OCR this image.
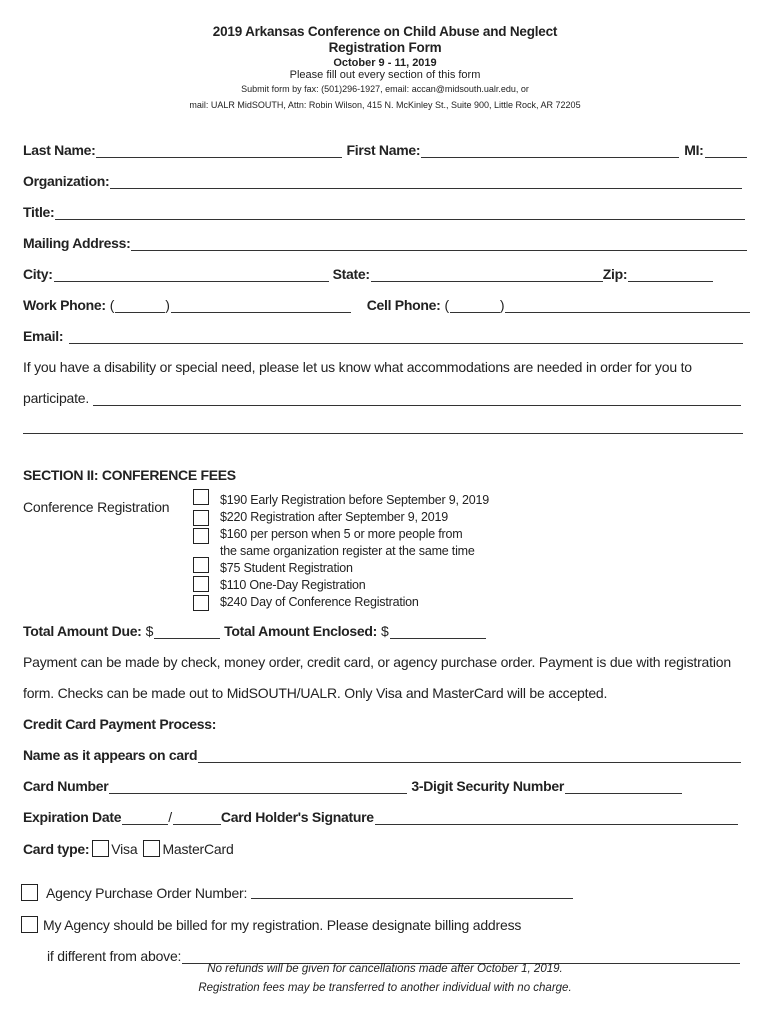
2019 Arkansas Conference on Child Abuse and Neglect
Registration Form
October 9 - 11, 2019
Please fill out every section of this form
Submit form by fax: (501)296-1927, email: accan@midsouth.ualr.edu, or
mail: UALR MidSOUTH, Attn: Robin Wilson, 415 N. McKinley St., Suite 900, Little Rock, AR 72205
Last Name:	First Name:	MI:
Organization:
Title:
Mailing Address:
City:	State:	Zip:
Work Phone: (	)	Cell Phone: (	)
Email:
If you have a disability or special need, please let us know what accommodations are needed in order for you to
participate.
SECTION II: CONFERENCE FEES
Conference Registration	$190 Early Registration before September 9, 2019
$220 Registration after September 9, 2019
$160 per person when 5 or more people from
the same organization register at the same time
$75 Student Registration
$110 One-Day Registration
$240 Day of Conference Registration
Total Amount Due: $	Total Amount Enclosed: $
Payment can be made by check, money order, credit card, or agency purchase order. Payment is due with registration
form. Checks can be made out to MidSOUTH/UALR. Only Visa and MasterCard will be accepted.
Credit Card Payment Process:
Name as it appears on card
Card Number	3-Digit Security Number
Expiration Date	/	Card Holder's Signature
Card type: Visa MasterCard
Agency Purchase Order Number:
My Agency should be billed for my registration. Please designate billing address
if different from above:
No refunds will be given for cancellations made after October 1, 2019.
Registration fees may be transferred to another individual with no charge.
